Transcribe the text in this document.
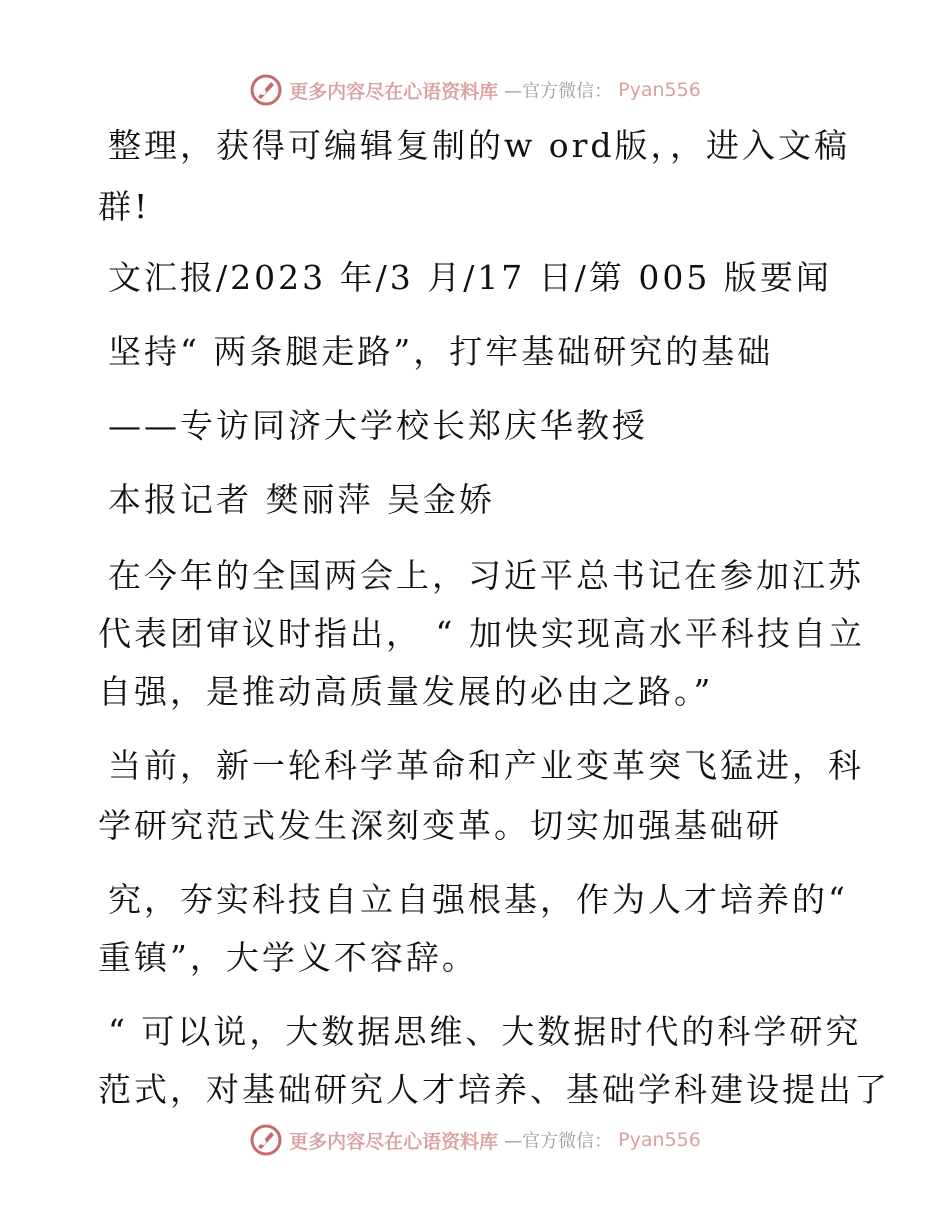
更多内容尽在心语资料库 —官方微信： Pyan556
整理，获得可编辑复制的w ord版，，进入文稿
群!
文汇报/2023 年/3 月/17 日/第 005 版要闻
坚持“ 两条腿走路”，打牢基础研究的基础
——专访同济大学校长郑庆华教授
本报记者 樊丽萍 吴金娇
在今年的全国两会上，习近平总书记在参加江苏
代表团审议时指出， “ 加快实现高水平科技自立
自强，是推动高质量发展的必由之路。”
当前，新一轮科学革命和产业变革突飞猛进，科
学研究范式发生深刻变革。切实加强基础研
究，夯实科技自立自强根基，作为人才培养的“
重镇”，大学义不容辞。
“ 可以说，大数据思维、大数据时代的科学研究
范式，对基础研究人才培养、基础学科建设提出了
更多内容尽在心语资料库 —官方微信： Pyan556
